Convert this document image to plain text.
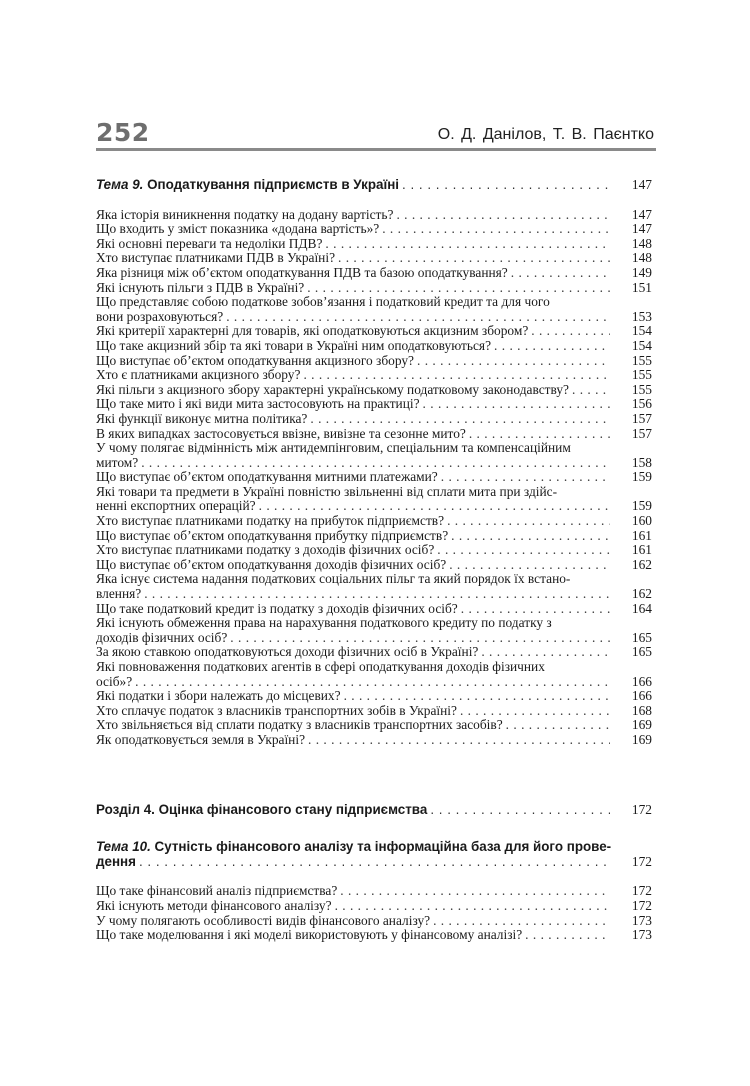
252	О. Д. Данілов, Т. В. Паєнтко
Тема 9. Оподаткування підприємств в Україні . . .	147
Яка історія виникнення податку на додану вартість? . . .	147
Що входить у зміст показника «додана вартість»? . . .	147
Які основні переваги та недоліки ПДВ? . . .	148
Хто виступає платниками ПДВ в Україні? . . .	148
Яка різниця між об’єктом оподаткування ПДВ та базою оподаткування? . . .	149
Які існують пільги з ПДВ в Україні? . . .	151
Що представляє собою податкове зобов’язання і податковий кредит та для чого
вони розраховуються? . . .	153
Які критерії характерні для товарів, які оподатковуються акцизним збором? . . .	154
Що таке акцизний збір та які товари в Україні ним оподатковуються? . . .	154
Що виступає об’єктом оподаткування акцизного збору? . . .	155
Хто є платниками акцизного збору? . . .	155
Які пільги з акцизного збору характерні українському податковому законодавству? . . .	155
Що таке мито і які види мита застосовують на практиці? . . .	156
Які функції виконує митна політика? . . .	157
В яких випадках застосовується ввізне, вивізне та сезонне мито? . . .	157
У чому полягає відмінність між антидемпінговим, спеціальним та компенсаційним
митом? . . .	158
Що виступає об’єктом оподаткування митними платежами? . . .	159
Які товари та предмети в Україні повністю звільненні від сплати мита при здійс-
ненні експортних операцій? . . .	159
Хто виступає платниками податку на прибуток підприємств? . . .	160
Що виступає об’єктом оподаткування прибутку підприємств? . . .	161
Хто виступає платниками податку з доходів фізичних осіб? . . .	161
Що виступає об’єктом оподаткування доходів фізичних осіб? . . .	162
Яка існує система надання податкових соціальних пільг та який порядок їх встано-
влення? . . .	162
Що таке податковий кредит із податку з доходів фізичних осіб? . . .	164
Які існують обмеження права на нарахування податкового кредиту по податку з
доходів фізичних осіб? . . .	165
За якою ставкою оподатковуються доходи фізичних осіб в Україні? . . .	165
Які повноваження податкових агентів в сфері оподаткування доходів фізичних
осіб»? . . .	166
Які податки і збори належать до місцевих? . . .	166
Хто сплачує податок з власників транспортних зобів в Україні? . . .	168
Хто звільняється від сплати податку з власників транспортних засобів? . . .	169
Як оподатковується земля в Україні? . . .	169
Розділ 4. Оцінка фінансового стану підприємства . . .	172
Тема 10. Сутність фінансового аналізу та інформаційна база для його прове-
дення . . .	172
Що таке фінансовий аналіз підприємства? . . .	172
Які існують методи фінансового аналізу? . . .	172
У чому полягають особливості видів фінансового аналізу? . . .	173
Що таке моделювання і які моделі використовують у фінансовому аналізі? . . .	173
